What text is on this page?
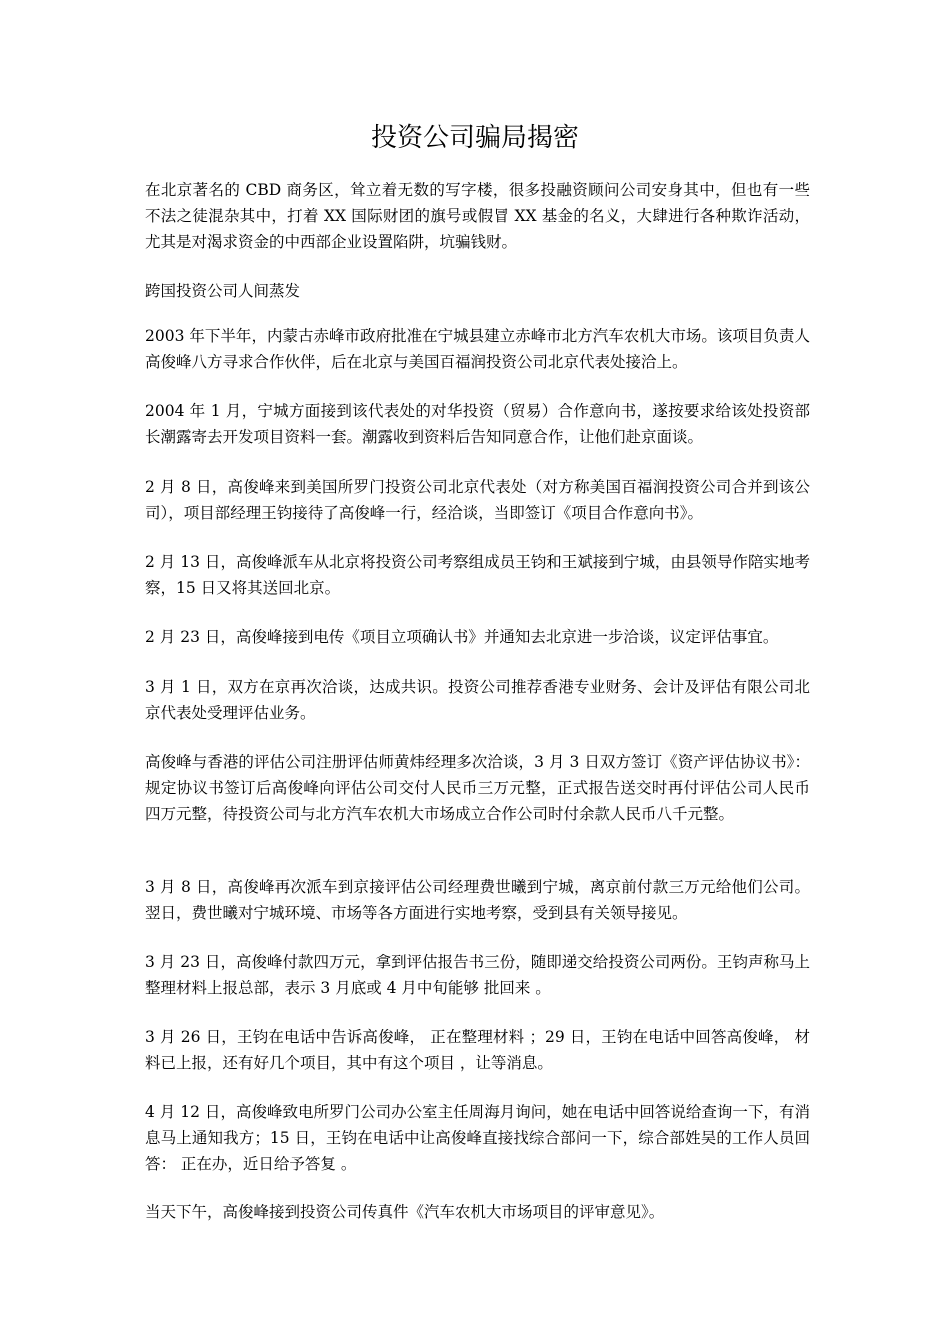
投资公司骗局揭密

在北京著名的 CBD 商务区，耸立着无数的写字楼，很多投融资顾问公司安身其中，但也有一些不法之徒混杂其中，打着 XX 国际财团的旗号或假冒 XX 基金的名义，大肆进行各种欺诈活动，尤其是对渴求资金的中西部企业设置陷阱，坑骗钱财。

跨国投资公司人间蒸发

2003 年下半年，内蒙古赤峰市政府批准在宁城县建立赤峰市北方汽车农机大市场。该项目负责人高俊峰八方寻求合作伙伴，后在北京与美国百福润投资公司北京代表处接洽上。

2004 年 1 月，宁城方面接到该代表处的对华投资（贸易）合作意向书，遂按要求给该处投资部长潮露寄去开发项目资料一套。潮露收到资料后告知同意合作，让他们赴京面谈。

2 月 8 日，高俊峰来到美国所罗门投资公司北京代表处（对方称美国百福润投资公司合并到该公司），项目部经理王钧接待了高俊峰一行，经洽谈，当即签订《项目合作意向书》。

2 月 13 日，高俊峰派车从北京将投资公司考察组成员王钧和王斌接到宁城，由县领导作陪实地考察，15 日又将其送回北京。

2 月 23 日，高俊峰接到电传《项目立项确认书》并通知去北京进一步洽谈，议定评估事宜。

3 月 1 日，双方在京再次洽谈，达成共识。投资公司推荐香港专业财务、会计及评估有限公司北京代表处受理评估业务。

高俊峰与香港的评估公司注册评估师黄炜经理多次洽谈，3 月 3 日双方签订《资产评估协议书》：规定协议书签订后高俊峰向评估公司交付人民币三万元整，正式报告送交时再付评估公司人民币四万元整，待投资公司与北方汽车农机大市场成立合作公司时付余款人民币八千元整。

3 月 8 日，高俊峰再次派车到京接评估公司经理费世曦到宁城，离京前付款三万元给他们公司。翌日，费世曦对宁城环境、市场等各方面进行实地考察，受到县有关领导接见。

3 月 23 日，高俊峰付款四万元，拿到评估报告书三份，随即递交给投资公司两份。王钧声称马上整理材料上报总部，表示 3 月底或 4 月中旬能够 批回来 。

3 月 26 日，王钧在电话中告诉高俊峰， 正在整理材料 ；29 日，王钧在电话中回答高俊峰， 材料已上报，还有好几个项目，其中有这个项目 ，让等消息。

4 月 12 日，高俊峰致电所罗门公司办公室主任周海月询问，她在电话中回答说给查询一下，有消息马上通知我方；15 日，王钧在电话中让高俊峰直接找综合部问一下，综合部姓吴的工作人员回答： 正在办，近日给予答复 。

当天下午，高俊峰接到投资公司传真件《汽车农机大市场项目的评审意见》。
